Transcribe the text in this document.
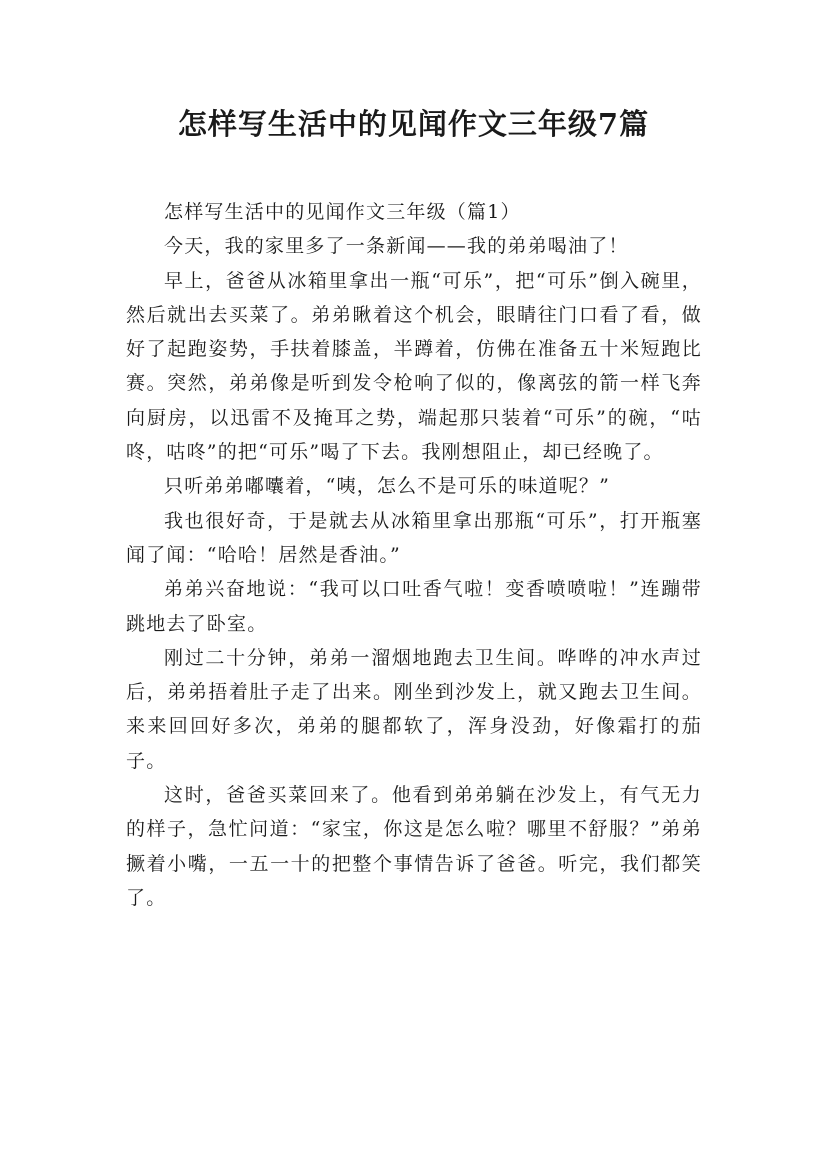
怎样写生活中的见闻作文三年级7篇

怎样写生活中的见闻作文三年级（篇1）

今天，我的家里多了一条新闻——我的弟弟喝油了！

早上，爸爸从冰箱里拿出一瓶“可乐”，把“可乐”倒入碗里，然后就出去买菜了。弟弟瞅着这个机会，眼睛往门口看了看，做好了起跑姿势，手扶着膝盖，半蹲着，仿佛在准备五十米短跑比赛。突然，弟弟像是听到发令枪响了似的，像离弦的箭一样飞奔向厨房，以迅雷不及掩耳之势，端起那只装着“可乐”的碗，“咕咚，咕咚”的把“可乐”喝了下去。我刚想阻止，却已经晚了。

只听弟弟嘟囔着，“咦，怎么不是可乐的味道呢？”

我也很好奇，于是就去从冰箱里拿出那瓶“可乐”，打开瓶塞闻了闻：“哈哈！居然是香油。”

弟弟兴奋地说：“我可以口吐香气啦！变香喷喷啦！”连蹦带跳地去了卧室。

刚过二十分钟，弟弟一溜烟地跑去卫生间。哗哗的冲水声过后，弟弟捂着肚子走了出来。刚坐到沙发上，就又跑去卫生间。来来回回好多次，弟弟的腿都软了，浑身没劲，好像霜打的茄子。

这时，爸爸买菜回来了。他看到弟弟躺在沙发上，有气无力的样子，急忙问道：“家宝，你这是怎么啦？哪里不舒服？”弟弟撅着小嘴，一五一十的把整个事情告诉了爸爸。听完，我们都笑了。
